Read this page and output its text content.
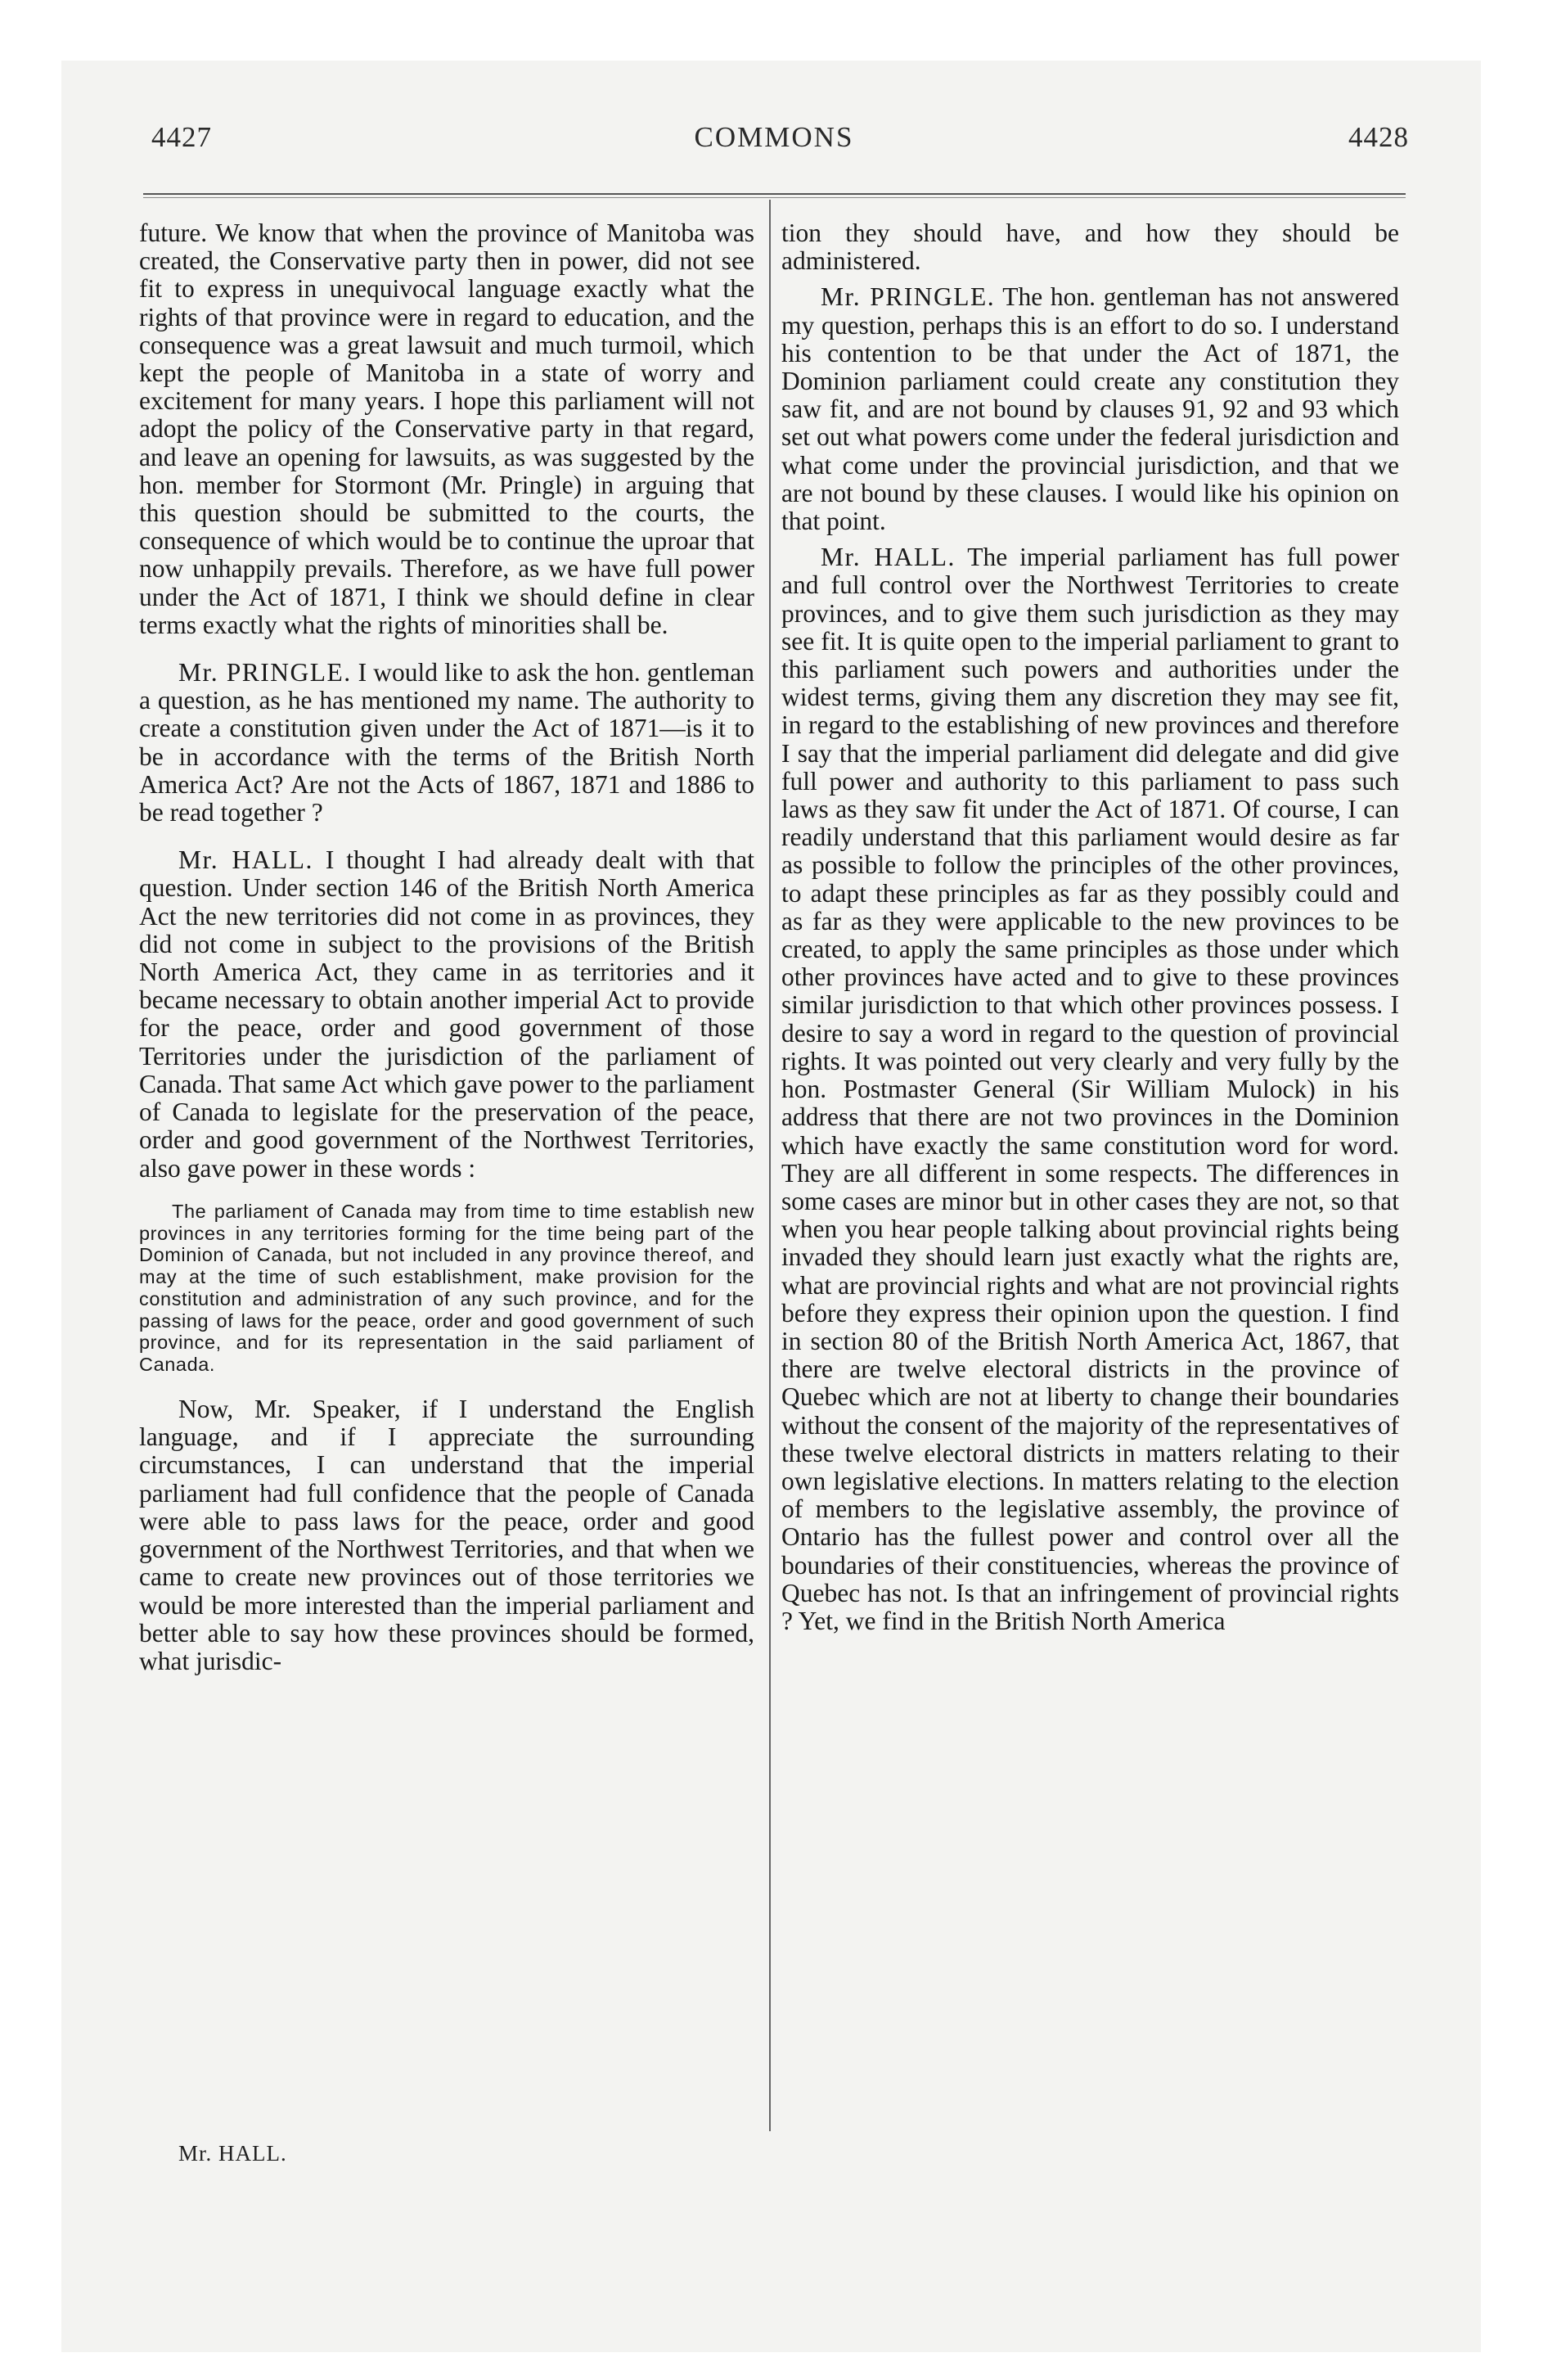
4427	COMMONS	4428

future. We know that when the province of Manitoba was created, the Conservative party then in power, did not see fit to express in unequivocal language exactly what the rights of that province were in regard to education, and the consequence was a great lawsuit and much turmoil, which kept the people of Manitoba in a state of worry and excitement for many years. I hope this parliament will not adopt the policy of the Conservative party in that regard, and leave an opening for lawsuits, as was suggested by the hon. member for Stormont (Mr. Pringle) in arguing that this question should be submitted to the courts, the consequence of which would be to continue the uproar that now unhappily prevails. Therefore, as we have full power under the Act of 1871, I think we should define in clear terms exactly what the rights of minorities shall be.

Mr. PRINGLE. I would like to ask the hon. gentleman a question, as he has mentioned my name. The authority to create a constitution given under the Act of 1871—is it to be in accordance with the terms of the British North America Act? Are not the Acts of 1867, 1871 and 1886 to be read together ?

Mr. HALL. I thought I had already dealt with that question. Under section 146 of the British North America Act the new territories did not come in as provinces, they did not come in subject to the provisions of the British North America Act, they came in as territories and it became necessary to obtain another imperial Act to provide for the peace, order and good government of those Territories under the jurisdiction of the parliament of Canada. That same Act which gave power to the parliament of Canada to legislate for the preservation of the peace, order and good government of the Northwest Territories, also gave power in these words :

The parliament of Canada may from time to time establish new provinces in any territories forming for the time being part of the Dominion of Canada, but not included in any province thereof, and may at the time of such establishment, make provision for the constitution and administration of any such province, and for the passing of laws for the peace, order and good government of such province, and for its representation in the said parliament of Canada.

Now, Mr. Speaker, if I understand the English language, and if I appreciate the surrounding circumstances, I can understand that the imperial parliament had full confidence that the people of Canada were able to pass laws for the peace, order and good government of the Northwest Territories, and that when we came to create new provinces out of those territories we would be more interested than the imperial parliament and better able to say how these provinces should be formed, what jurisdic-

tion they should have, and how they should be administered.

Mr. PRINGLE. The hon. gentleman has not answered my question, perhaps this is an effort to do so. I understand his contention to be that under the Act of 1871, the Dominion parliament could create any constitution they saw fit, and are not bound by clauses 91, 92 and 93 which set out what powers come under the federal jurisdiction and what come under the provincial jurisdiction, and that we are not bound by these clauses. I would like his opinion on that point.

Mr. HALL. The imperial parliament has full power and full control over the Northwest Territories to create provinces, and to give them such jurisdiction as they may see fit. It is quite open to the imperial parliament to grant to this parliament such powers and authorities under the widest terms, giving them any discretion they may see fit, in regard to the establishing of new provinces and therefore I say that the imperial parliament did delegate and did give full power and authority to this parliament to pass such laws as they saw fit under the Act of 1871. Of course, I can readily understand that this parliament would desire as far as possible to follow the principles of the other provinces, to adapt these principles as far as they possibly could and as far as they were applicable to the new provinces to be created, to apply the same principles as those under which other provinces have acted and to give to these provinces similar jurisdiction to that which other provinces possess. I desire to say a word in regard to the question of provincial rights. It was pointed out very clearly and very fully by the hon. Postmaster General (Sir William Mulock) in his address that there are not two provinces in the Dominion which have exactly the same constitution word for word. They are all different in some respects. The differences in some cases are minor but in other cases they are not, so that when you hear people talking about provincial rights being invaded they should learn just exactly what the rights are, what are provincial rights and what are not provincial rights before they express their opinion upon the question. I find in section 80 of the British North America Act, 1867, that there are twelve electoral districts in the province of Quebec which are not at liberty to change their boundaries without the consent of the majority of the representatives of these twelve electoral districts in matters relating to their own legislative elections. In matters relating to the election of members to the legislative assembly, the province of Ontario has the fullest power and control over all the boundaries of their constituencies, whereas the province of Quebec has not. Is that an infringement of provincial rights ? Yet, we find in the British North America

Mr. HALL.
